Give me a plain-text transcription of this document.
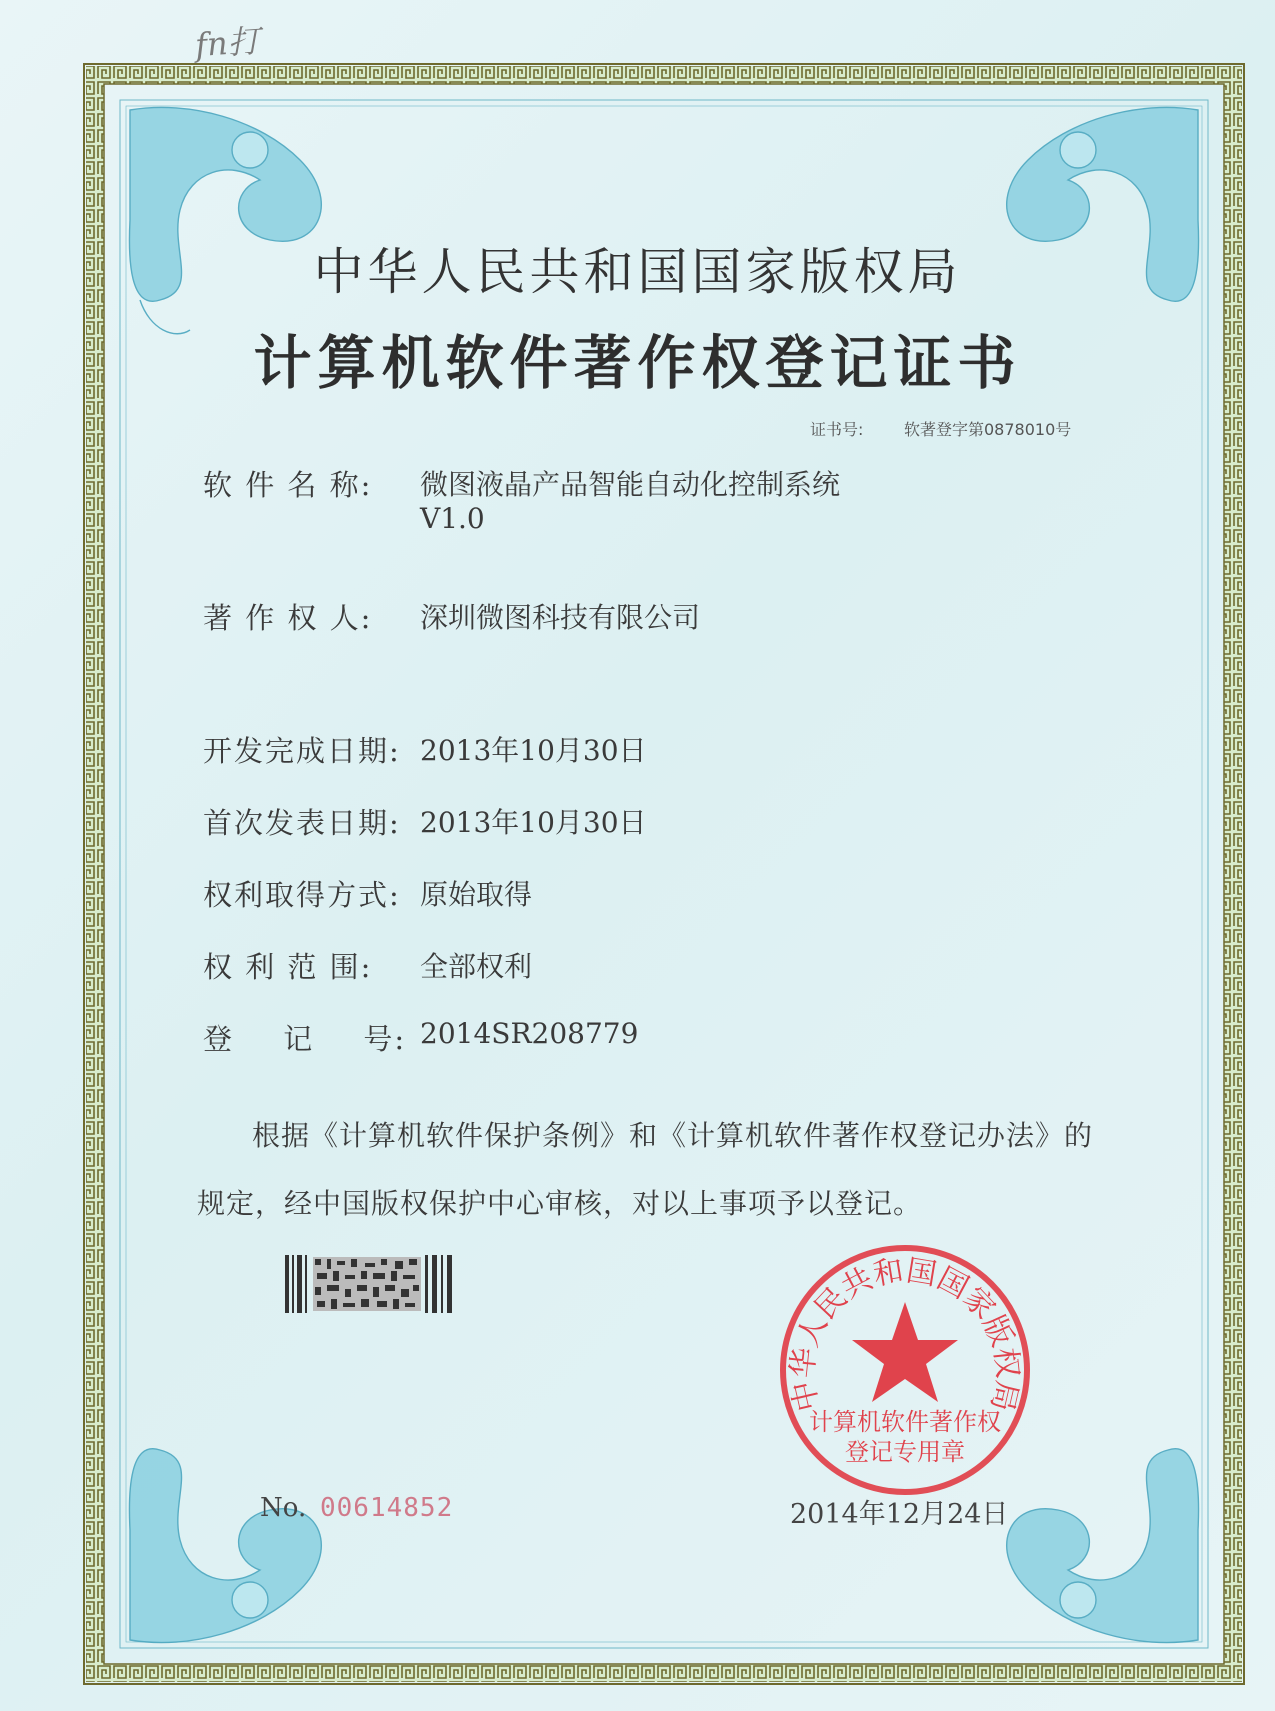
fn打
中华人民共和国国家版权局
计算机软件著作权登记证书
证书号:	软著登字第0878010号
软 件 名 称: 微图液晶产品智能自动化控制系统
V1.0
著 作 权 人: 深圳微图科技有限公司
开发完成日期: 2013年10月30日
首次发表日期: 2013年10月30日
权利取得方式: 原始取得
权 利 范 围: 全部权利
登 记 号: 2014SR208779
根据《计算机软件保护条例》和《计算机软件著作权登记办法》的
规定，经中国版权保护中心审核，对以上事项予以登记。
中华人民共和国国家版权局
计算机软件著作权
登记专用章
No. 00614852	2014年12月24日
